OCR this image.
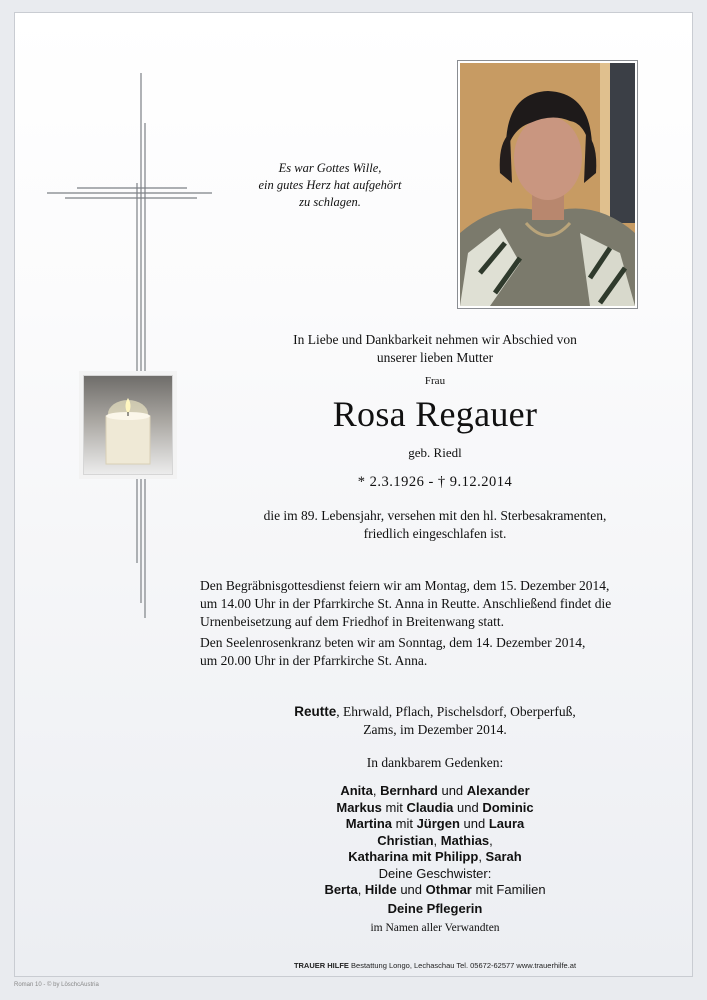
Es war Gottes Wille,
ein gutes Herz hat aufgehört
zu schlagen.
In Liebe und Dankbarkeit nehmen wir Abschied von
unserer lieben Mutter
Frau
Rosa Regauer
geb. Riedl
* 2.3.1926 - † 9.12.2014
die im 89. Lebensjahr, versehen mit den hl. Sterbesakramenten,
friedlich eingeschlafen ist.
Den Begräbnisgottesdienst feiern wir am Montag, dem 15. Dezember 2014,
um 14.00 Uhr in der Pfarrkirche St. Anna in Reutte. Anschließend findet die
Urnenbeisetzung auf dem Friedhof in Breitenwang statt.
Den Seelenrosenkranz beten wir am Sonntag, dem 14. Dezember 2014,
um 20.00 Uhr in der Pfarrkirche St. Anna.
Reutte, Ehrwald, Pflach, Pischelsdorf, Oberperfuß,
Zams, im Dezember 2014.
In dankbarem Gedenken:
Anita, Bernhard und Alexander
Markus mit Claudia und Dominic
Martina mit Jürgen und Laura
Christian, Mathias,
Katharina mit Philipp, Sarah
Deine Geschwister:
Berta, Hilde und Othmar mit Familien
Deine Pflegerin
im Namen aller Verwandten
TRAUER HILFE Bestattung Longo, Lechaschau Tel. 05672-62577 www.trauerhilfe.at
Roman 10 - © by LöschcAustria
